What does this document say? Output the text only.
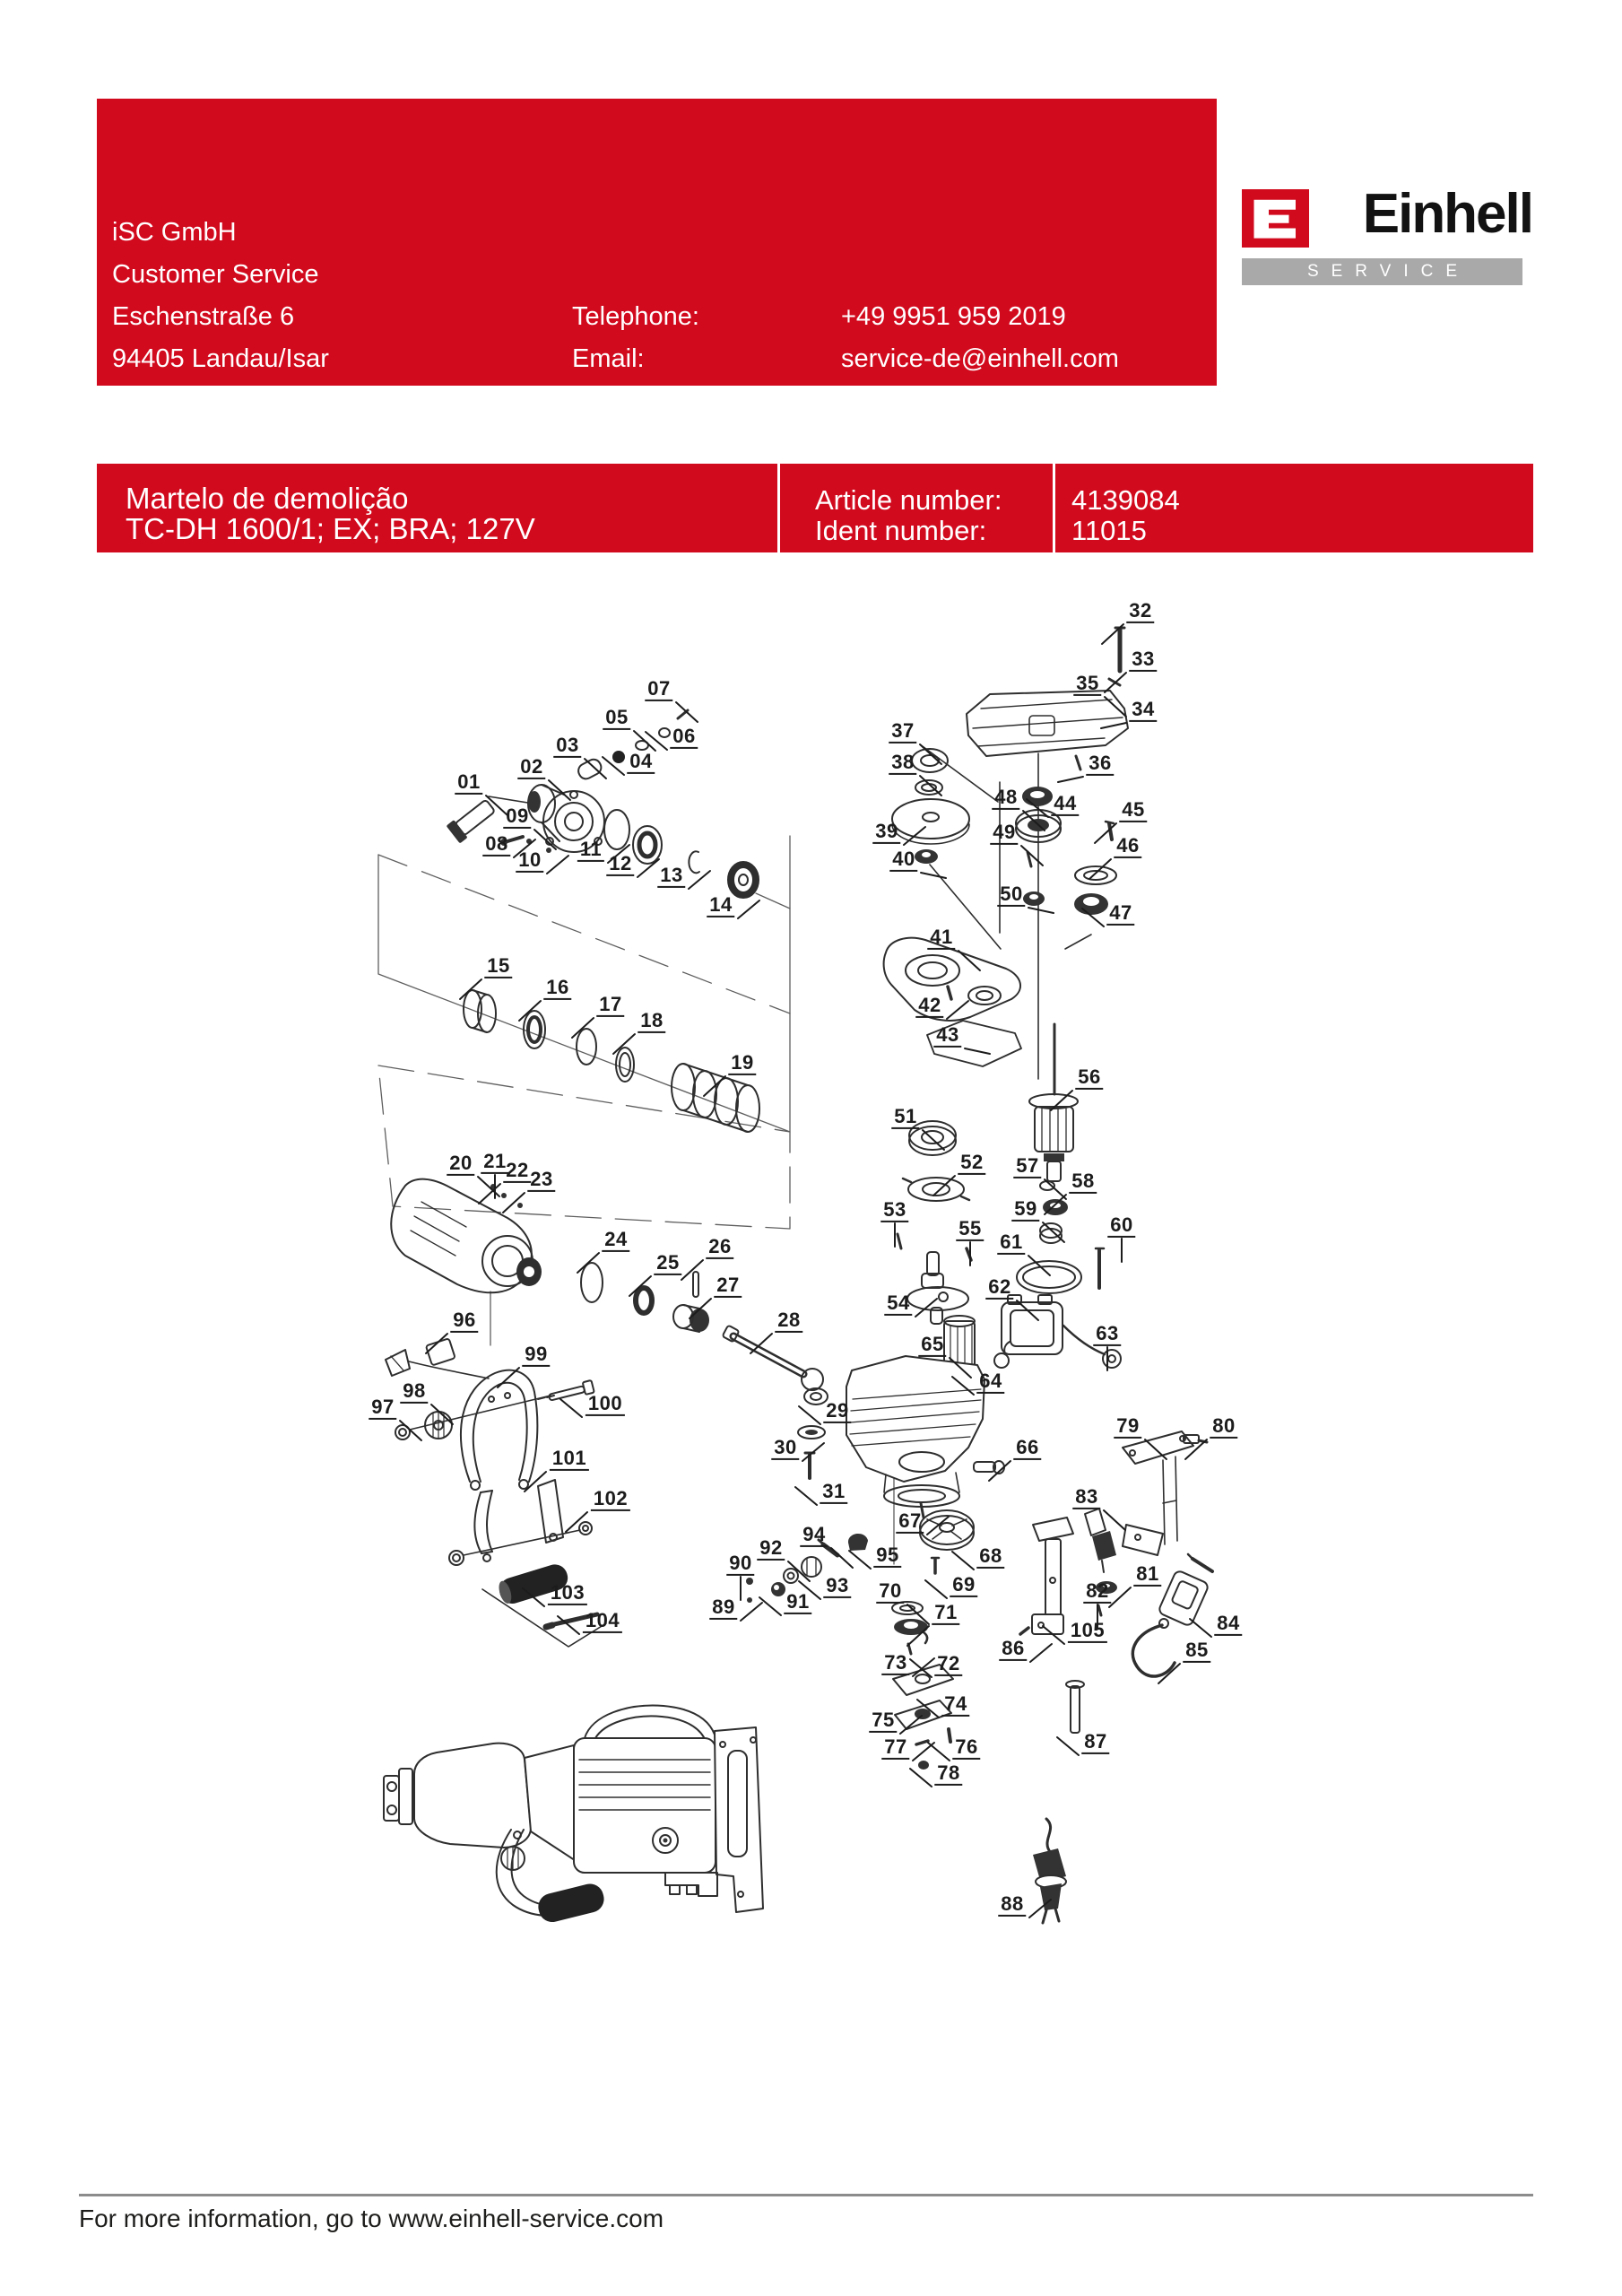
iSC GmbH
Customer Service
Eschenstraße 6
94405 Landau/Isar
Telephone:
Email:
+49 9951 959 2019
service-de@einhell.com
Einhell
SERVICE
Martelo de demolição
TC-DH 1600/1; EX; BRA; 127V
Article number:
Ident number:
4139084
11015
01
02
03
04
05
06
07
08
09
10 11
12
13
14
15
16
17
18
19
20 21 22 23
24
25
26
27
28
29
30
31
32
33
34
35
36
37
38
39
40
41
42
43
44 45
46
47
48
49
50
51
52
53
54
55
56
57
58
59
60
61
62
63
64
65
66
67
68
69
70
71
72
73
74
75
76
77
78
79	80
81
82
83
84
85
86
87
88
89
90
91
92
93
94
95
96
97
98
99
100
101
102
103
104	105
For more information, go to www.einhell-service.com
